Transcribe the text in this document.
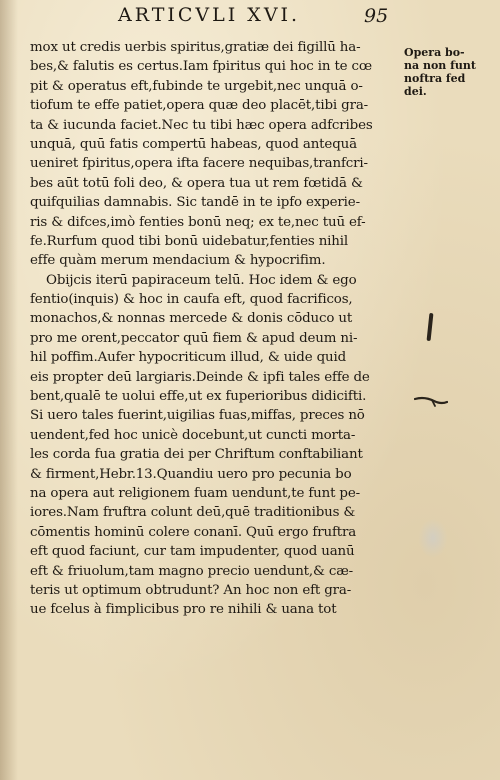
ARTICVLI XVI.	95
mox ut credis uerbis spiritus,gratiæ dei figillū ha-
bes,& falutis es certus.Iam fpiritus qui hoc in te cœ
pit & operatus eft,fubinde te urgebit,nec unquā o-
tiofum te effe patiet,opera quæ deo placēt,tibi gra-
ta & iucunda faciet.Nec tu tibi hæc opera adfcribes
unquā, quū fatis compertū habeas, quod antequā
ueniret fpiritus,opera ifta facere nequibas,tranfcri-
bes aūt totū foli deo, & opera tua ut rem fœtidā &
quifquilias damnabis. Sic tandē in te ipfo experie-
ris & difces,imò fenties bonū neq; ex te,nec tuū ef-
fe.Rurfum quod tibi bonū uidebatur,fenties nihil
effe quàm merum mendacium & hypocrifim.
Obijcis iterū papiraceum telū. Hoc idem & ego
fentio(inquis) & hoc in caufa eft, quod facrificos,
monachos,& nonnas mercede & donis cōduco ut
pro me orent,peccator quū fiem & apud deum ni-
hil poffim.Aufer hypocriticum illud, & uide quid
eis propter deū largiaris.Deinde & ipfi tales effe de
bent,qualē te uolui effe,ut ex fuperioribus didicifti.
Si uero tales fuerint,uigilias fuas,miffas, preces nō
uendent,fed hoc unicè docebunt,ut cuncti morta-
les corda fua gratia dei per Chriftum conftabiliant
& firment,Hebr.13.Quandiu uero pro pecunia bo
na opera aut religionem fuam uendunt,te funt pe-
iores.Nam fruftra colunt deū,quē traditionibus &
cōmentis hominū colere conanī. Quū ergo fruftra
eft quod faciunt, cur tam impudenter, quod uanū
eft & friuolum,tam magno precio uendunt,& cæ-
teris ut optimum obtrudunt? An hoc non eft gra-
ue fcelus à fimplicibus pro re nihili & uana tot
Opera bo-
na non funt
noftra fed
dei.
